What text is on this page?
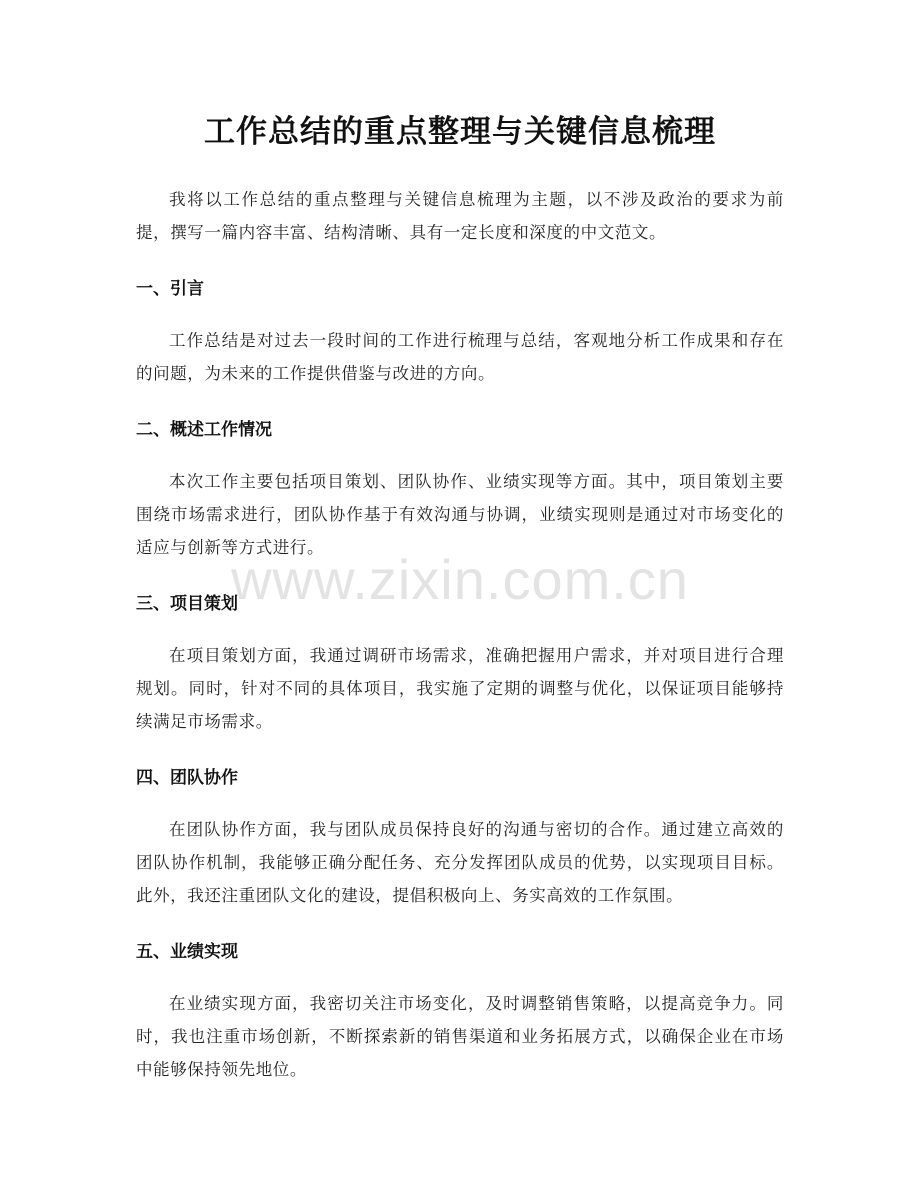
工作总结的重点整理与关键信息梳理

我将以工作总结的重点整理与关键信息梳理为主题，以不涉及政治的要求为前提，撰写一篇内容丰富、结构清晰、具有一定长度和深度的中文范文。

一、引言

工作总结是对过去一段时间的工作进行梳理与总结，客观地分析工作成果和存在的问题，为未来的工作提供借鉴与改进的方向。

二、概述工作情况

本次工作主要包括项目策划、团队协作、业绩实现等方面。其中，项目策划主要围绕市场需求进行，团队协作基于有效沟通与协调，业绩实现则是通过对市场变化的适应与创新等方式进行。

三、项目策划

在项目策划方面，我通过调研市场需求，准确把握用户需求，并对项目进行合理规划。同时，针对不同的具体项目，我实施了定期的调整与优化，以保证项目能够持续满足市场需求。

四、团队协作

在团队协作方面，我与团队成员保持良好的沟通与密切的合作。通过建立高效的团队协作机制，我能够正确分配任务、充分发挥团队成员的优势，以实现项目目标。此外，我还注重团队文化的建设，提倡积极向上、务实高效的工作氛围。

五、业绩实现

在业绩实现方面，我密切关注市场变化，及时调整销售策略，以提高竞争力。同时，我也注重市场创新，不断探索新的销售渠道和业务拓展方式，以确保企业在市场中能够保持领先地位。

www.zixin.com.cn
